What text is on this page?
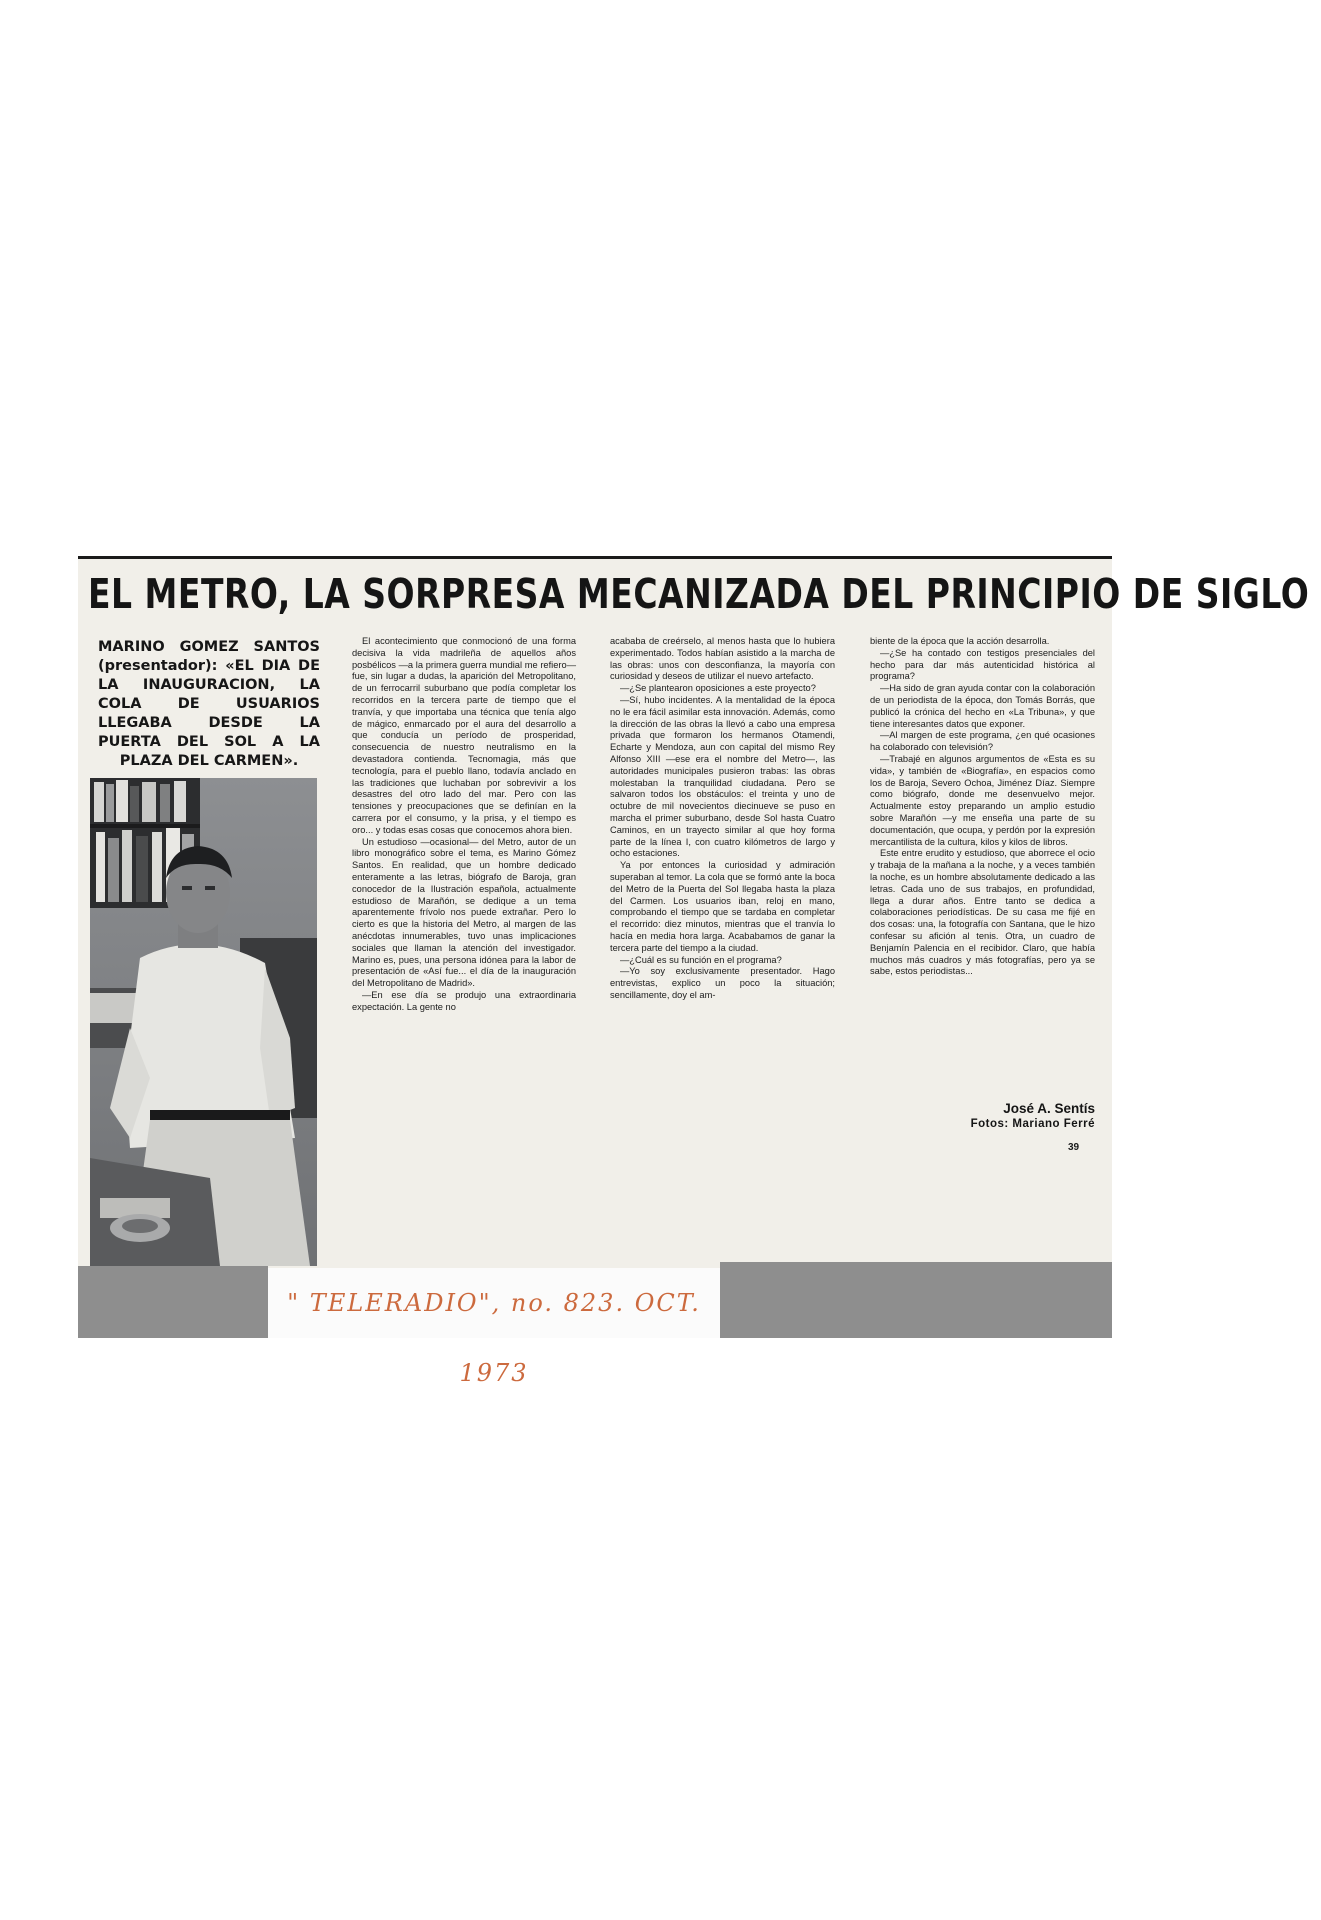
EL METRO, LA SORPRESA MECANIZADA DEL PRINCIPIO DE SIGLO
MARINO GOMEZ SANTOS (presentador): «EL DIA DE LA INAUGURACION, LA COLA DE USUARIOS LLEGABA DESDE LA PUERTA DEL SOL A LA PLAZA DEL CARMEN».

El acontecimiento que conmocionó de una forma decisiva la vida madrileña de aquellos años posbélicos —a la primera guerra mundial me refiero— fue, sin lugar a dudas, la aparición del Metropolitano, de un ferrocarril suburbano que podía completar los recorridos en la tercera parte de tiempo que el tranvía, y que importaba una técnica que tenía algo de mágico, enmarcado por el aura del desarrollo a que conducía un período de prosperidad, consecuencia de nuestro neutralismo en la devastadora contienda. Tecnomagia, más que tecnología, para el pueblo llano, todavía anclado en las tradiciones que luchaban por sobrevivir a los desastres del otro lado del mar. Pero con las tensiones y preocupaciones que se definían en la carrera por el consumo, y la prisa, y el tiempo es oro... y todas esas cosas que conocemos ahora bien.

Un estudioso —ocasional— del Metro, autor de un libro monográfico sobre el tema, es Marino Gómez Santos. En realidad, que un hombre dedicado enteramente a las letras, biógrafo de Baroja, gran conocedor de la Ilustración española, actualmente estudioso de Marañón, se dedique a un tema aparentemente frívolo nos puede extrañar. Pero lo cierto es que la historia del Metro, al margen de las anécdotas innumerables, tuvo unas implicaciones sociales que llaman la atención del investigador. Marino es, pues, una persona idónea para la labor de presentación de «Así fue... el día de la inauguración del Metropolitano de Madrid».

—En ese día se produjo una extraordinaria expectación. La gente no

acababa de creérselo, al menos hasta que lo hubiera experimentado. Todos habían asistido a la marcha de las obras: unos con desconfianza, la mayoría con curiosidad y deseos de utilizar el nuevo artefacto.

—¿Se plantearon oposiciones a este proyecto?

—Sí, hubo incidentes. A la mentalidad de la época no le era fácil asimilar esta innovación. Además, como la dirección de las obras la llevó a cabo una empresa privada que formaron los hermanos Otamendi, Echarte y Mendoza, aun con capital del mismo Rey Alfonso XIII —ese era el nombre del Metro—, las autoridades municipales pusieron trabas: las obras molestaban la tranquilidad ciudadana. Pero se salvaron todos los obstáculos: el treinta y uno de octubre de mil novecientos diecinueve se puso en marcha el primer suburbano, desde Sol hasta Cuatro Caminos, en un trayecto similar al que hoy forma parte de la línea I, con cuatro kilómetros de largo y ocho estaciones.

Ya por entonces la curiosidad y admiración superaban al temor. La cola que se formó ante la boca del Metro de la Puerta del Sol llegaba hasta la plaza del Carmen. Los usuarios iban, reloj en mano, comprobando el tiempo que se tardaba en completar el recorrido: diez minutos, mientras que el tranvía lo hacía en media hora larga. Acababamos de ganar la tercera parte del tiempo a la ciudad.

—¿Cuál es su función en el programa?

—Yo soy exclusivamente presentador. Hago entrevistas, explico un poco la situación; sencillamente, doy el am-

biente de la época que la acción desarrolla.

—¿Se ha contado con testigos presenciales del hecho para dar más autenticidad histórica al programa?

—Ha sido de gran ayuda contar con la colaboración de un periodista de la época, don Tomás Borrás, que publicó la crónica del hecho en «La Tribuna», y que tiene interesantes datos que exponer.

—Al margen de este programa, ¿en qué ocasiones ha colaborado con televisión?

—Trabajé en algunos argumentos de «Esta es su vida», y también de «Biografía», en espacios como los de Baroja, Severo Ochoa, Jiménez Díaz. Siempre como biógrafo, donde me desenvuelvo mejor. Actualmente estoy preparando un amplio estudio sobre Marañón —y me enseña una parte de su documentación, que ocupa, y perdón por la expresión mercantilista de la cultura, kilos y kilos de libros.

Este entre erudito y estudioso, que aborrece el ocio y trabaja de la mañana a la noche, y a veces también la noche, es un hombre absolutamente dedicado a las letras. Cada uno de sus trabajos, en profundidad, llega a durar años. Entre tanto se dedica a colaboraciones periodísticas. De su casa me fijé en dos cosas: una, la fotografía con Santana, que le hizo confesar su afición al tenis. Otra, un cuadro de Benjamín Palencia en el recibidor. Claro, que había muchos más cuadros y más fotografías, pero ya se sabe, estos periodistas...

José A. Sentís
Fotos: Mariano Ferré
39
" TELERADIO", no. 823. OCT. 1973
